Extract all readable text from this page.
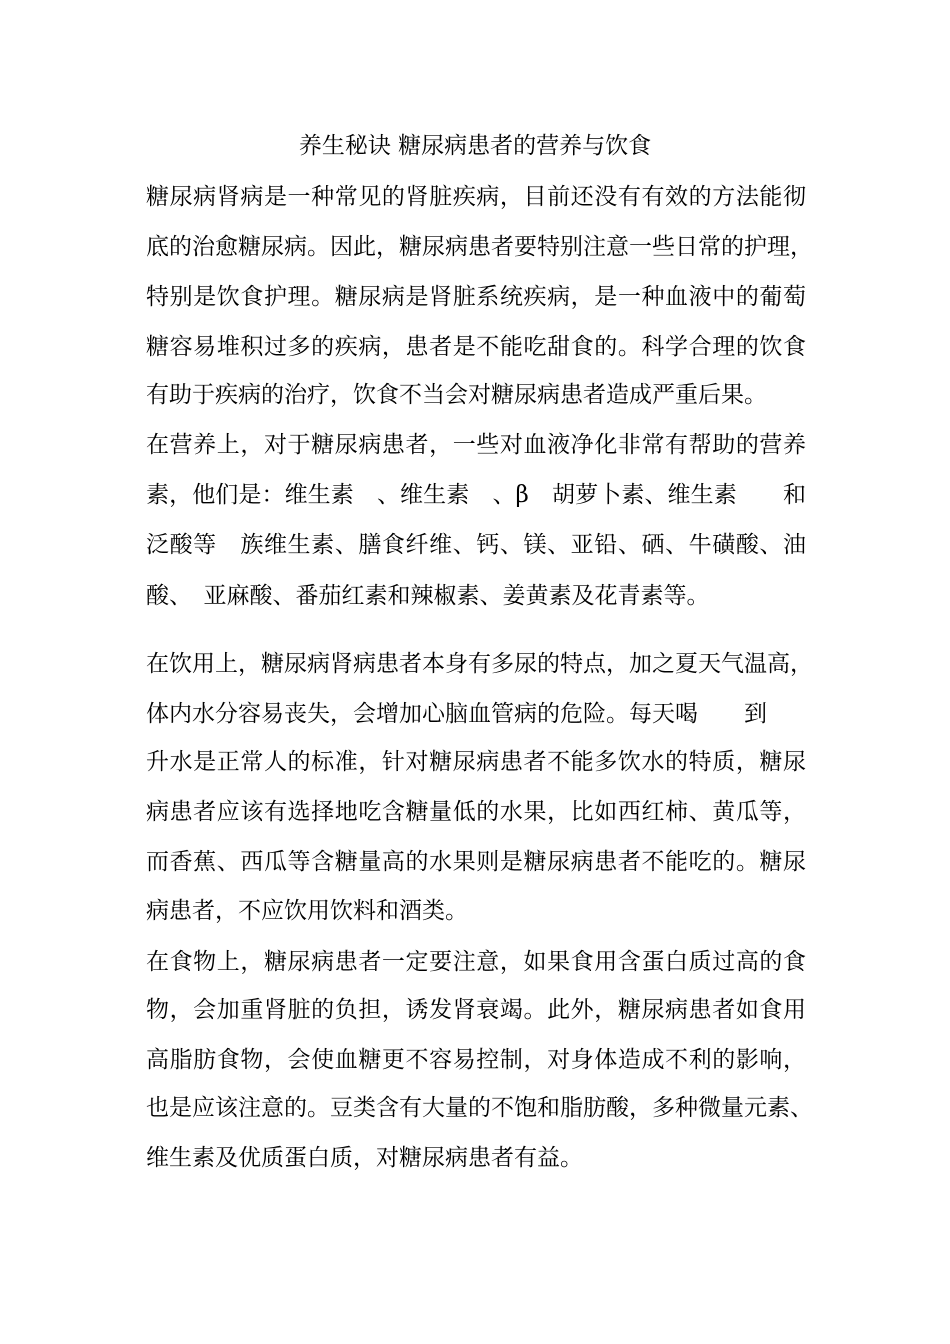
养生秘诀 糖尿病患者的营养与饮食

糖尿病肾病是一种常见的肾脏疾病，目前还没有有效的方法能彻

底的治愈糖尿病。因此，糖尿病患者要特别注意一些日常的护理，

特别是饮食护理。糖尿病是肾脏系统疾病，是一种血液中的葡萄

糖容易堆积过多的疾病，患者是不能吃甜食的。科学合理的饮食

有助于疾病的治疗，饮食不当会对糖尿病患者造成严重后果。

在营养上，对于糖尿病患者，一些对血液净化非常有帮助的营养

素，他们是：维生素　、维生素　、β　胡萝卜素、维生素　　和

泛酸等　族维生素、膳食纤维、钙、镁、亚铅、硒、牛磺酸、油

酸、　亚麻酸、番茄红素和辣椒素、姜黄素及花青素等。

在饮用上，糖尿病肾病患者本身有多尿的特点，加之夏天气温高，

体内水分容易丧失，会增加心脑血管病的危险。每天喝　　到

升水是正常人的标准，针对糖尿病患者不能多饮水的特质，糖尿

病患者应该有选择地吃含糖量低的水果，比如西红柿、黄瓜等，

而香蕉、西瓜等含糖量高的水果则是糖尿病患者不能吃的。糖尿

病患者，不应饮用饮料和酒类。

在食物上，糖尿病患者一定要注意，如果食用含蛋白质过高的食

物，会加重肾脏的负担，诱发肾衰竭。此外，糖尿病患者如食用

高脂肪食物，会使血糖更不容易控制，对身体造成不利的影响，

也是应该注意的。豆类含有大量的不饱和脂肪酸，多种微量元素、

维生素及优质蛋白质，对糖尿病患者有益。
